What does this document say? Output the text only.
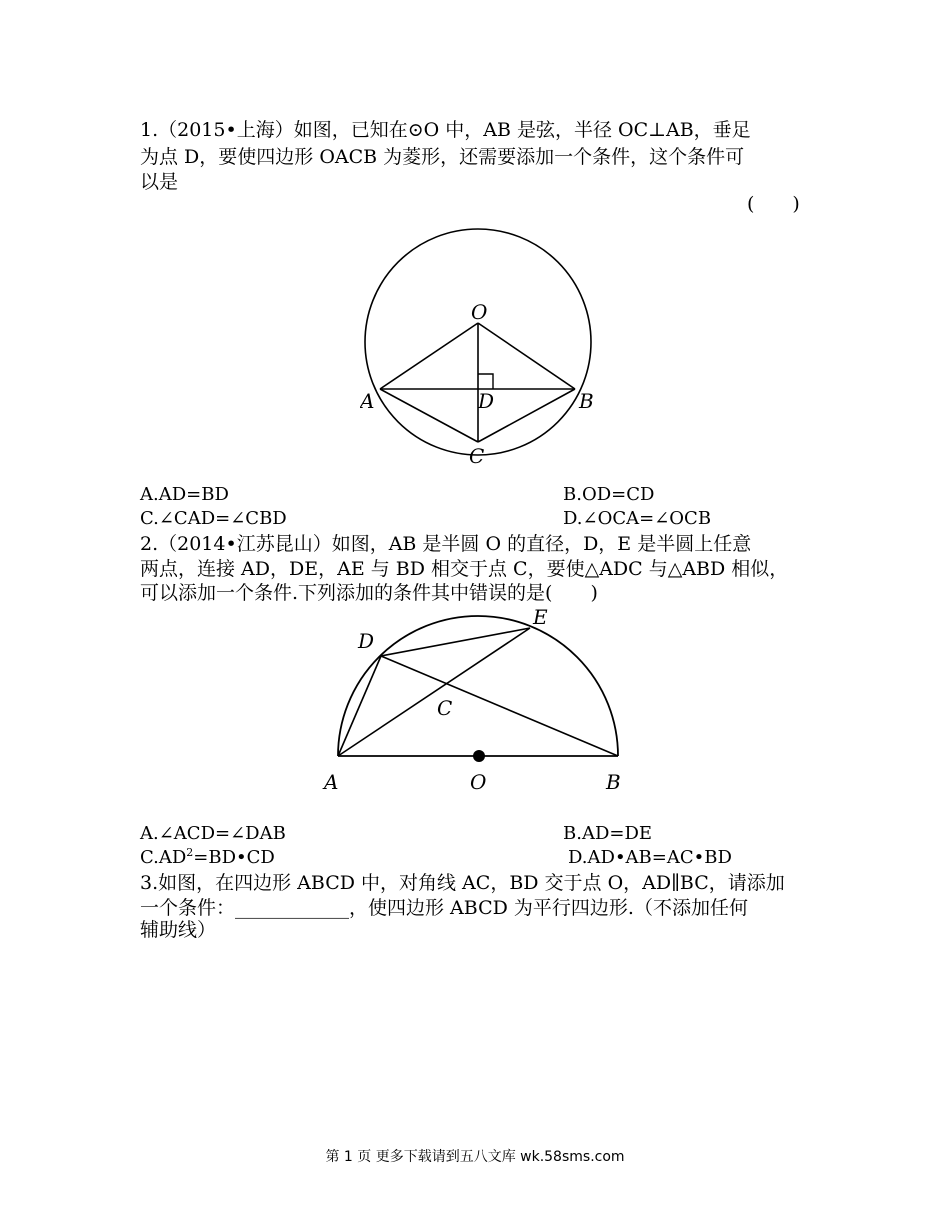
1.（2015•上海）如图，已知在⊙O 中，AB 是弦，半径 OC⊥AB，垂足
为点 D，要使四边形 OACB 为菱形，还需要添加一个条件，这个条件可
以是
(　　)
O
A	B
D
C
A.AD=BD	B.OD=CD
C.∠CAD=∠CBD	D.∠OCA=∠OCB
2.（2014•江苏昆山）如图，AB 是半圆 O 的直径，D，E 是半圆上任意
两点，连接 AD，DE，AE 与 BD 相交于点 C，要使△ADC 与△ABD 相似，
可以添加一个条件.下列添加的条件其中错误的是(　　)
D
E
C
A	O	B
A.∠ACD=∠DAB	B.AD=DE
$C.AD^2=BD•CD$	D.AD•AB=AC•BD
3.如图，在四边形 ABCD 中，对角线 AC，BD 交于点 O，AD∥BC，请添加
一个条件：____________，使四边形 ABCD 为平行四边形.（不添加任何
辅助线）
第 1 页 更多下载请到五八文库 wk.58sms.com
